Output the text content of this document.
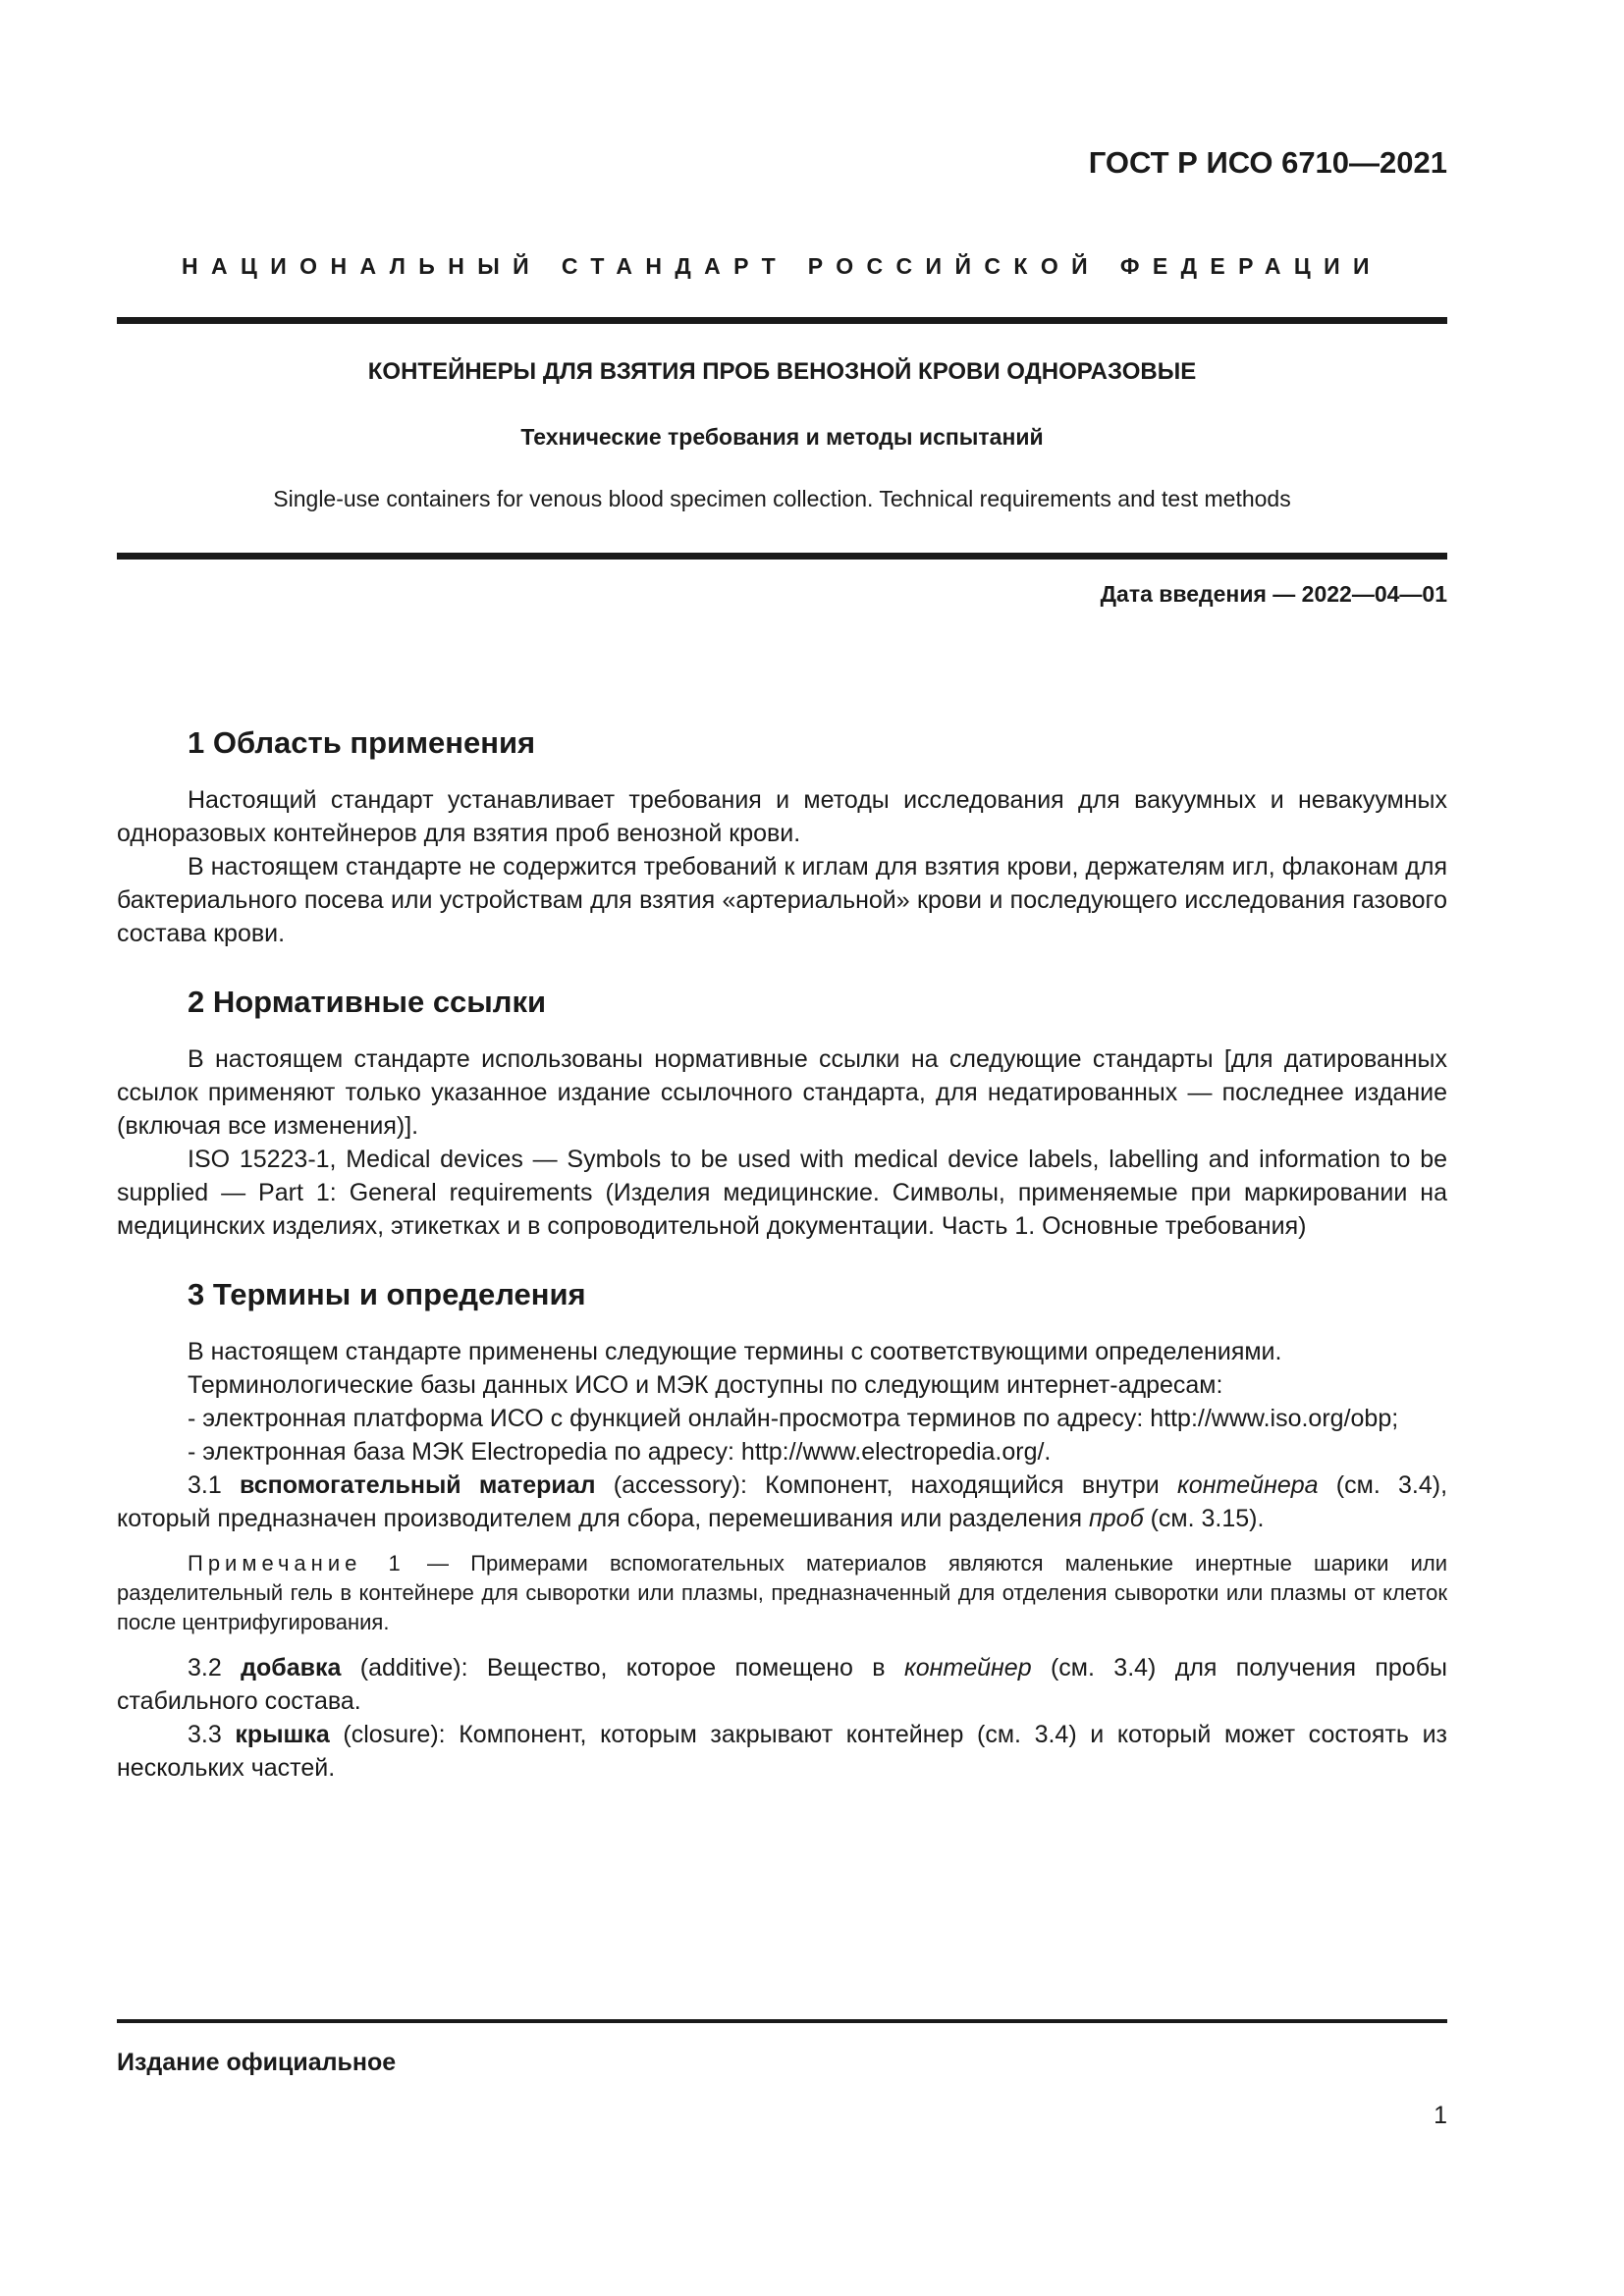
ГОСТ Р ИСО 6710—2021

НАЦИОНАЛЬНЫЙ СТАНДАРТ РОССИЙСКОЙ ФЕДЕРАЦИИ

КОНТЕЙНЕРЫ ДЛЯ ВЗЯТИЯ ПРОБ ВЕНОЗНОЙ КРОВИ ОДНОРАЗОВЫЕ

Технические требования и методы испытаний

Single-use containers for venous blood specimen collection. Technical requirements and test methods

Дата введения — 2022—04—01

1 Область применения

Настоящий стандарт устанавливает требования и методы исследования для вакуумных и невакуумных одноразовых контейнеров для взятия проб венозной крови.

В настоящем стандарте не содержится требований к иглам для взятия крови, держателям игл, флаконам для бактериального посева или устройствам для взятия «артериальной» крови и последующего исследования газового состава крови.

2 Нормативные ссылки

В настоящем стандарте использованы нормативные ссылки на следующие стандарты [для датированных ссылок применяют только указанное издание ссылочного стандарта, для недатированных — последнее издание (включая все изменения)].

ISO 15223-1, Medical devices — Symbols to be used with medical device labels, labelling and information to be supplied — Part 1: General requirements (Изделия медицинские. Символы, применяемые при маркировании на медицинских изделиях, этикетках и в сопроводительной документации. Часть 1. Основные требования)

3 Термины и определения

В настоящем стандарте применены следующие термины с соответствующими определениями.

Терминологические базы данных ИСО и МЭК доступны по следующим интернет-адресам:

- электронная платформа ИСО с функцией онлайн-просмотра терминов по адресу: http://www.iso.org/obp;

- электронная база МЭК Electropedia по адресу: http://www.electropedia.org/.

3.1 вспомогательный материал (accessory): Компонент, находящийся внутри контейнера (см. 3.4), который предназначен производителем для сбора, перемешивания или разделения проб (см. 3.15).

Примечание 1 — Примерами вспомогательных материалов являются маленькие инертные шарики или разделительный гель в контейнере для сыворотки или плазмы, предназначенный для отделения сыворотки или плазмы от клеток после центрифугирования.

3.2 добавка (additive): Вещество, которое помещено в контейнер (см. 3.4) для получения пробы стабильного состава.

3.3 крышка (closure): Компонент, которым закрывают контейнер (см. 3.4) и который может состоять из нескольких частей.

Издание официальное

1
